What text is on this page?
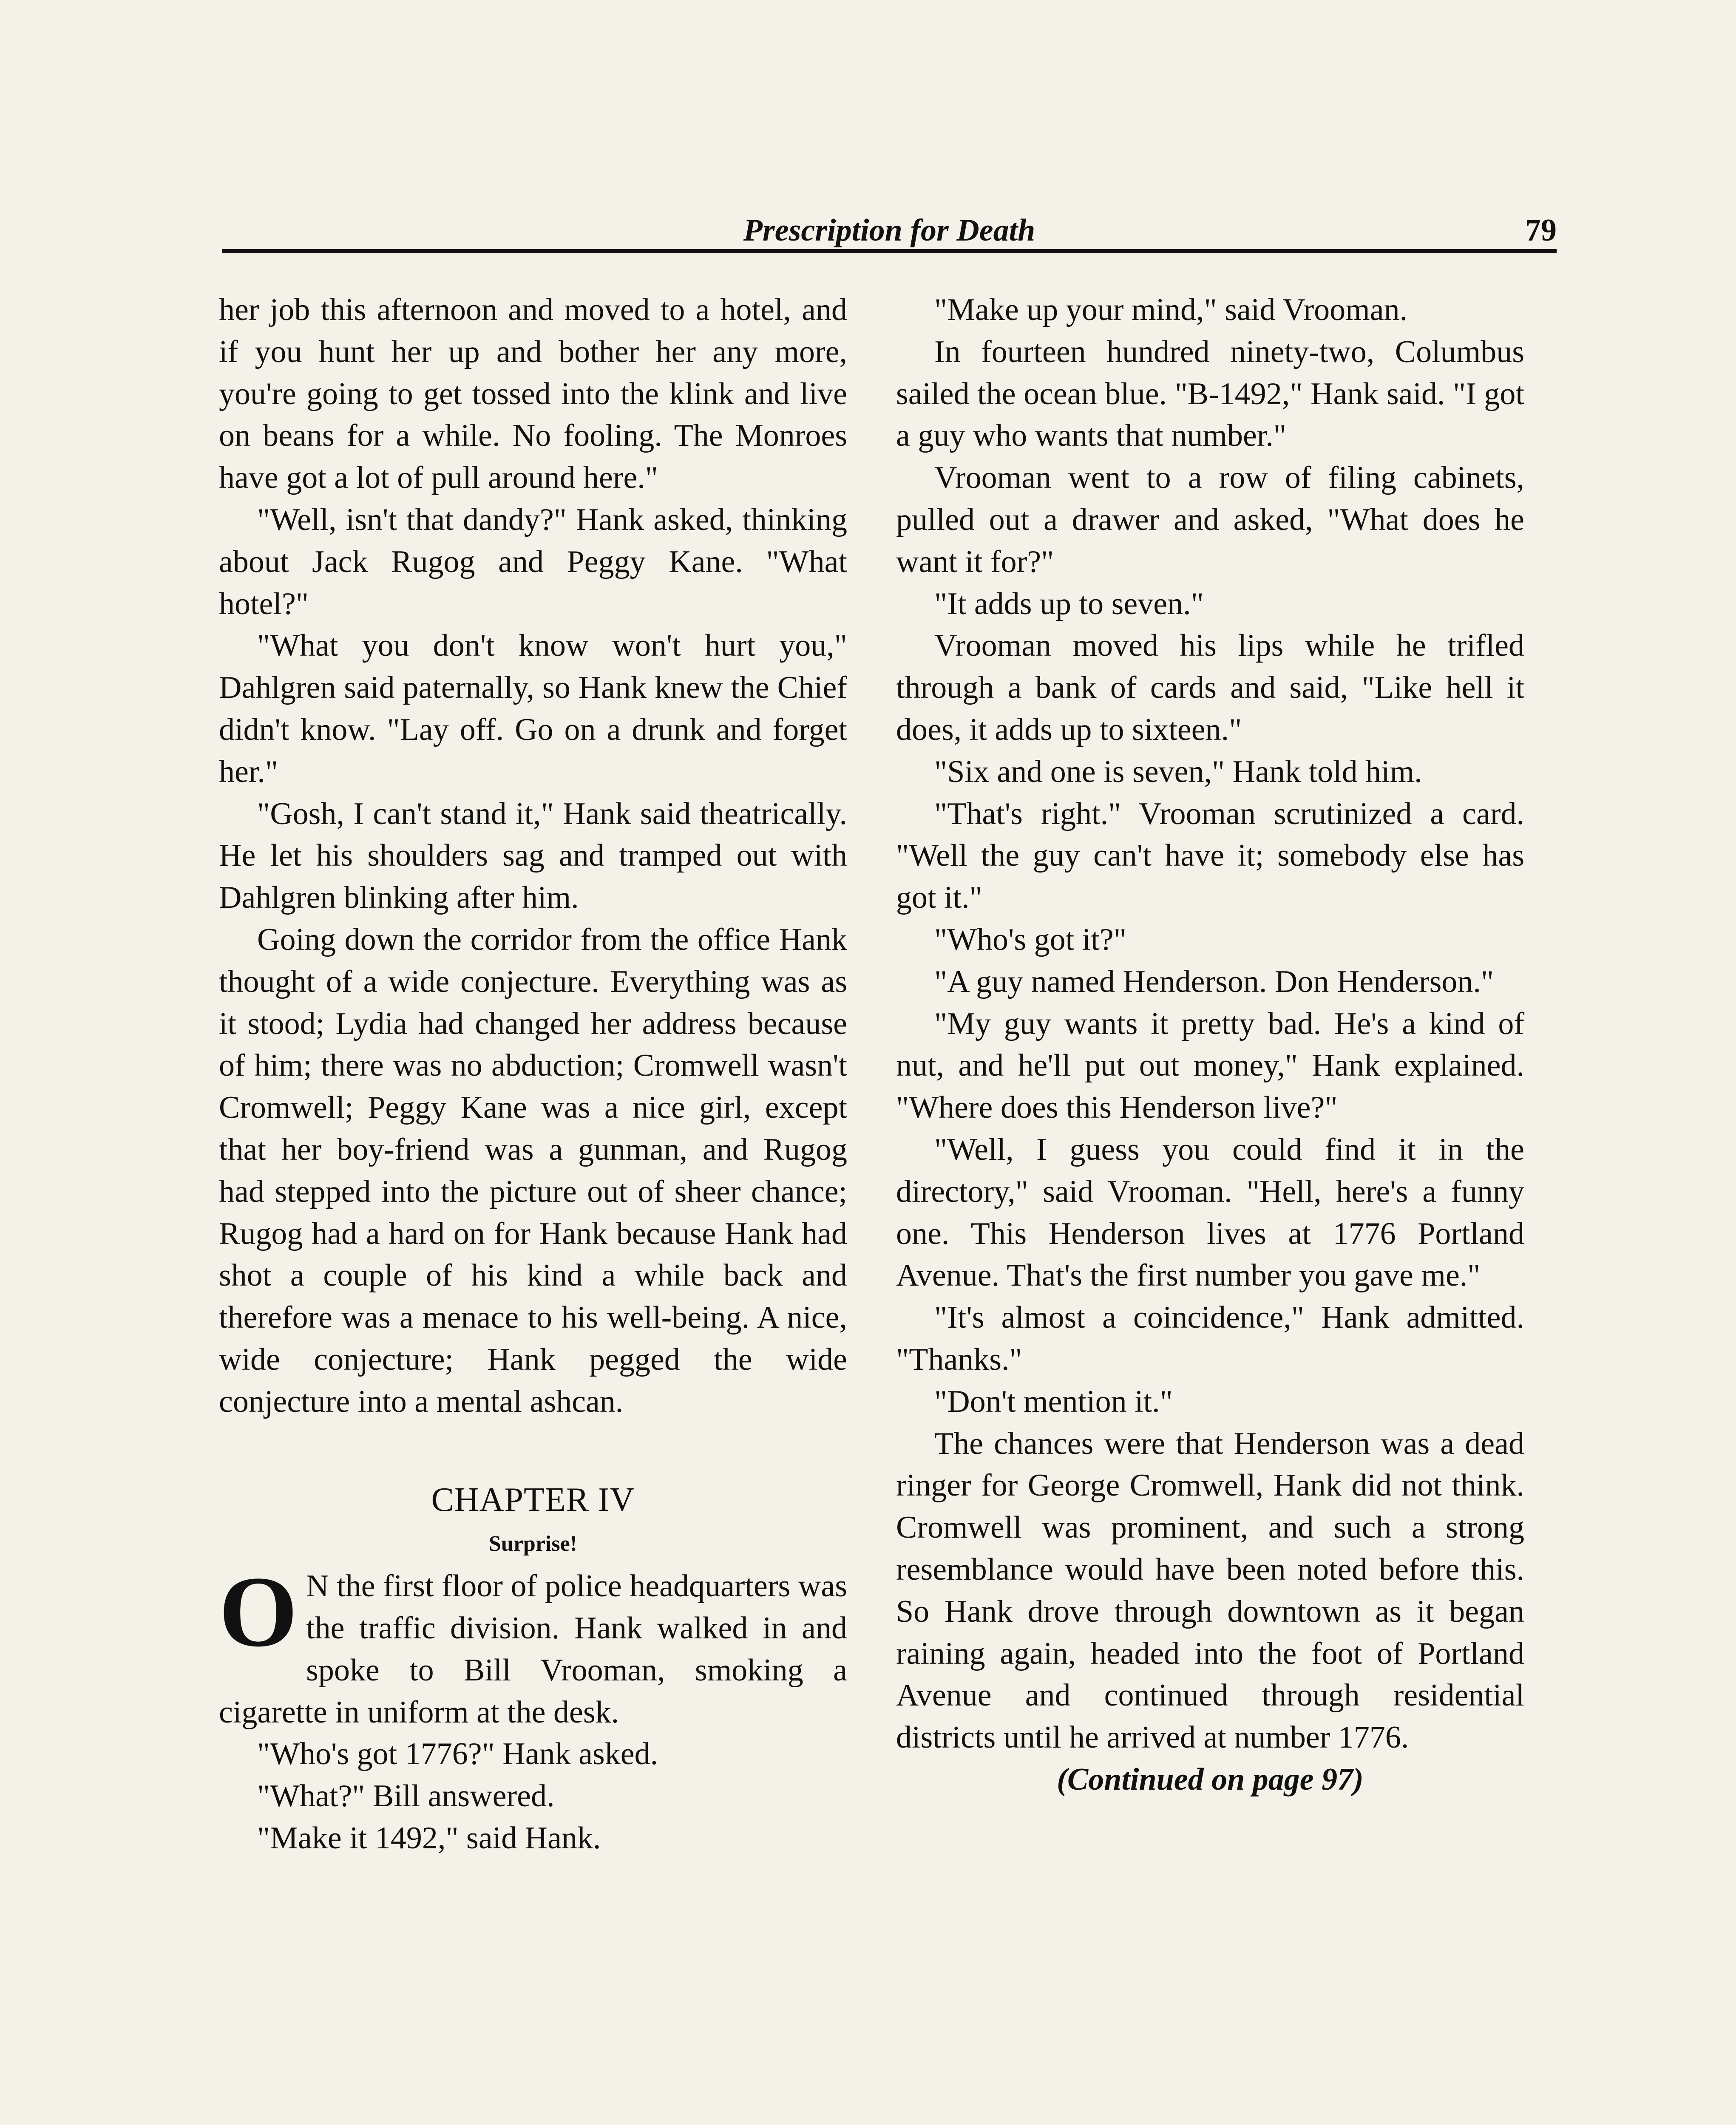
Prescription for Death	79

her job this afternoon and moved to a hotel, and if you hunt her up and bother her any more, you're going to get tossed into the klink and live on beans for a while. No fooling. The Monroes have got a lot of pull around here."

"Well, isn't that dandy?" Hank asked, thinking about Jack Rugog and Peggy Kane. "What hotel?"

"What you don't know won't hurt you," Dahlgren said paternally, so Hank knew the Chief didn't know. "Lay off. Go on a drunk and forget her."

"Gosh, I can't stand it," Hank said theatrically. He let his shoulders sag and tramped out with Dahlgren blinking after him.

Going down the corridor from the office Hank thought of a wide conjecture. Everything was as it stood; Lydia had changed her address because of him; there was no abduction; Cromwell wasn't Cromwell; Peggy Kane was a nice girl, except that her boy-friend was a gunman, and Rugog had stepped into the picture out of sheer chance; Rugog had a hard on for Hank because Hank had shot a couple of his kind a while back and therefore was a menace to his well-being. A nice, wide conjecture; Hank pegged the wide conjecture into a mental ashcan.

CHAPTER IV
Surprise!

O N the first floor of police headquarters was the traffic division. Hank walked in and spoke to Bill Vrooman, smoking a cigarette in uniform at the desk.

"Who's got 1776?" Hank asked.

"What?" Bill answered.

"Make it 1492," said Hank.

"Make up your mind," said Vrooman.

In fourteen hundred ninety-two, Columbus sailed the ocean blue. "B-1492," Hank said. "I got a guy who wants that number."

Vrooman went to a row of filing cabinets, pulled out a drawer and asked, "What does he want it for?"

"It adds up to seven."

Vrooman moved his lips while he trifled through a bank of cards and said, "Like hell it does, it adds up to sixteen."

"Six and one is seven," Hank told him.

"That's right." Vrooman scrutinized a card. "Well the guy can't have it; somebody else has got it."

"Who's got it?"

"A guy named Henderson. Don Henderson."

"My guy wants it pretty bad. He's a kind of nut, and he'll put out money," Hank explained. "Where does this Henderson live?"

"Well, I guess you could find it in the directory," said Vrooman. "Hell, here's a funny one. This Henderson lives at 1776 Portland Avenue. That's the first number you gave me."

"It's almost a coincidence," Hank admitted. "Thanks."

"Don't mention it."

The chances were that Henderson was a dead ringer for George Cromwell, Hank did not think. Cromwell was prominent, and such a strong resemblance would have been noted before this. So Hank drove through downtown as it began raining again, headed into the foot of Portland Avenue and continued through residential districts until he arrived at number 1776.

(Continued on page 97)
